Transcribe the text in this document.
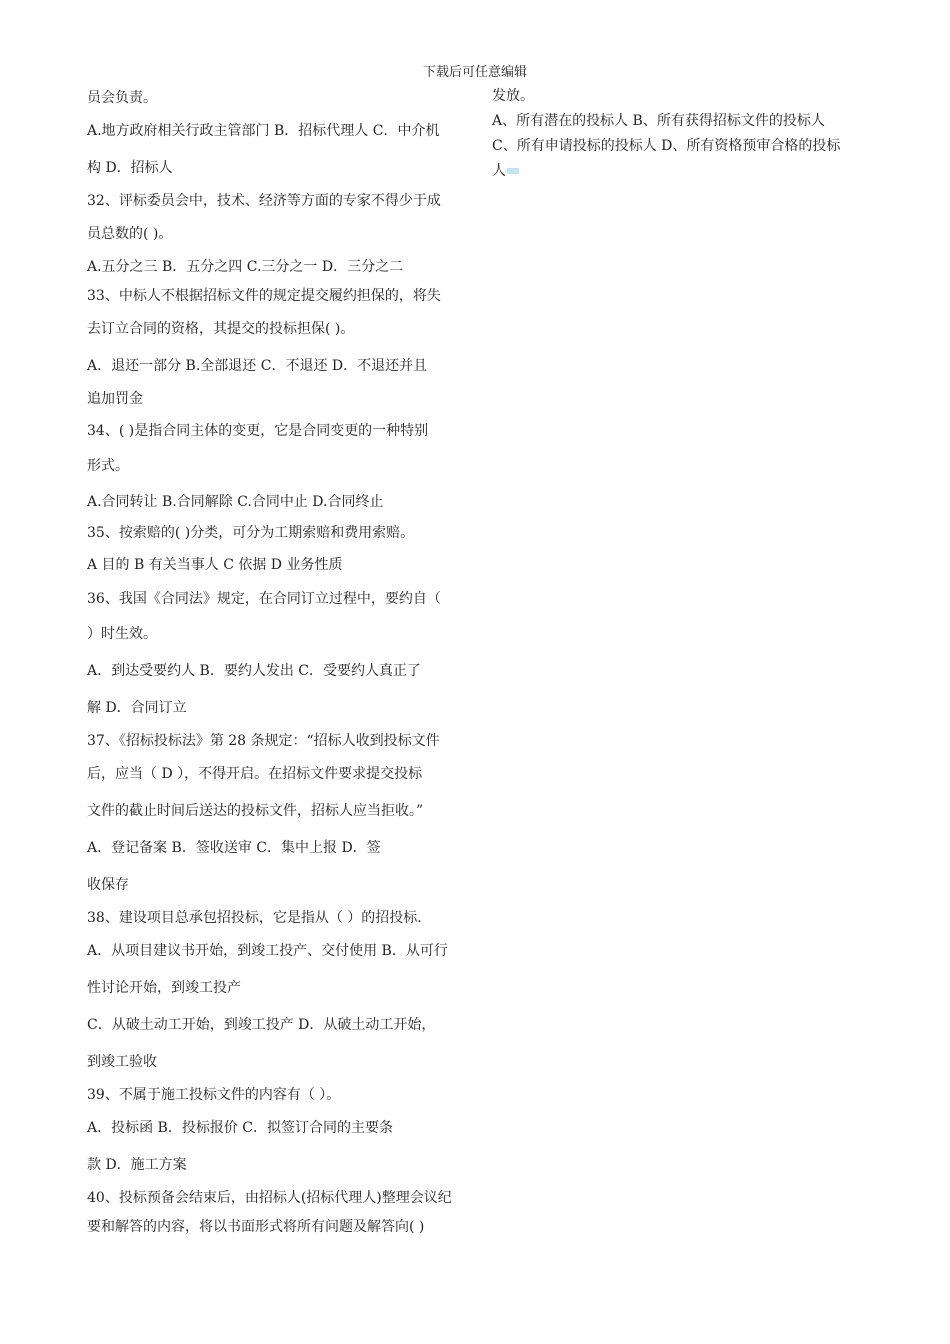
下载后可任意编辑
员会负责。
A.地方政府相关行政主管部门 B．招标代理人 C．中介机
构 D．招标人
32、评标委员会中，技术、经济等方面的专家不得少于成
员总数的( )。
A.五分之三 B．五分之四 C.三分之一 D．三分之二
33、中标人不根据招标文件的规定提交履约担保的，将失
去订立合同的资格，其提交的投标担保( )。
A．退还一部分 B.全部退还 C．不退还 D．不退还并且
追加罚金
34、( )是指合同主体的变更，它是合同变更的一种特别
形式。
A.合同转让 B.合同解除 C.合同中止 D.合同终止
35、按索赔的( )分类，可分为工期索赔和费用索赔。
A 目的 B 有关当事人 C 依据 D 业务性质
36、我国《合同法》规定，在合同订立过程中，要约自（
）时生效。
A．到达受要约人 B．要约人发出 C．受要约人真正了
解 D．合同订立
37、《招标投标法》第 28 条规定：“招标人收到投标文件
后，应当（ D ），不得开启。在招标文件要求提交投标
文件的截止时间后送达的投标文件，招标人应当拒收。”
A．登记备案 B．签收送审 C．集中上报 D．签
收保存
38、建设项目总承包招投标，它是指从（ ）的招投标.
A．从项目建议书开始，到竣工投产、交付使用 B．从可行
性讨论开始，到竣工投产
C．从破土动工开始，到竣工投产 D．从破土动工开始，
到竣工验收
39、不属于施工投标文件的内容有（ ）。
A．投标函 B．投标报价 C．拟签订合同的主要条
款 D．施工方案
40、投标预备会结束后，由招标人(招标代理人)整理会议纪
要和解答的内容，将以书面形式将所有问题及解答向( )
发放。
A、所有潜在的投标人 B、所有获得招标文件的投标人
C、所有申请投标的投标人 D、所有资格预审合格的投标
人
